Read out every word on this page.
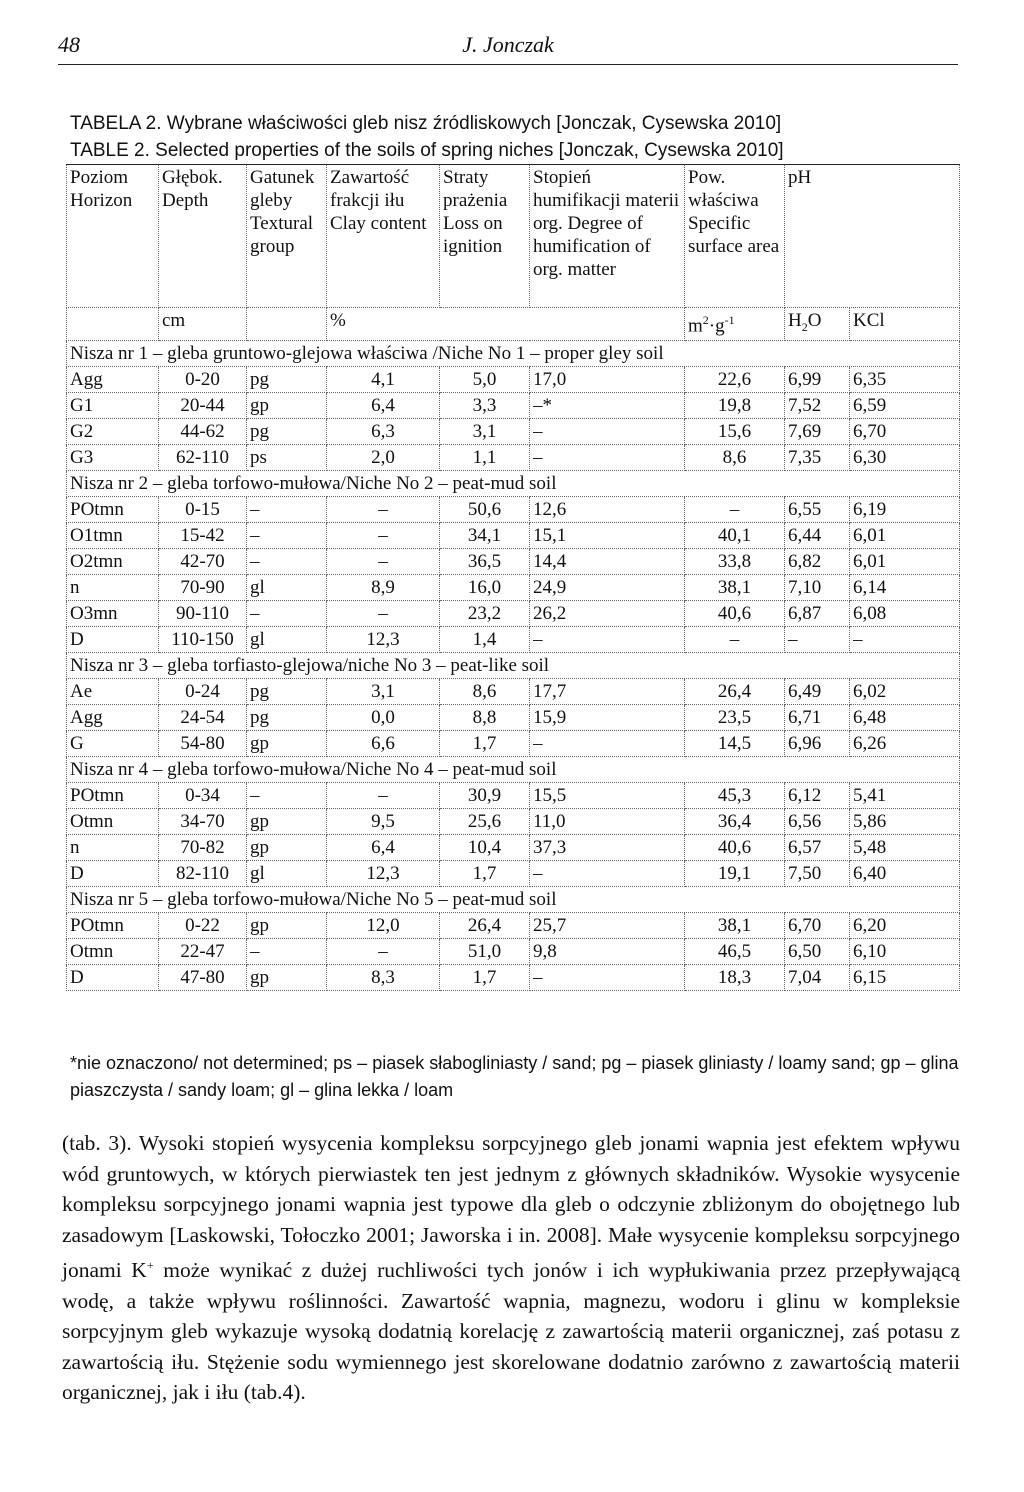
48	J. Jonczak
TABELA 2. Wybrane właściwości gleb nisz źródliskowych [Jonczak, Cysewska 2010]
TABLE 2. Selected properties of the soils of spring niches [Jonczak, Cysewska 2010]
Poziom Horizon	Głębok. Depth	Gatunek gleby Textural group	Zawartość frakcji iłu Clay content	Straty prażenia Loss on ignition	Stopień humifikacji materii org. Degree of humification of org. matter	Pow. właściwa Specific surface area	pH	
	cm		%			$m^2\cdot g^{-1}$	$H_2O$	KCl
Nisza nr 1 – gleba gruntowo-glejowa właściwa /Niche No 1 – proper gley soil								
Agg	0-20	pg	4,1	5,0	17,0	22,6	6,99	6,35
G1	20-44	gp	6,4	3,3	–*	19,8	7,52	6,59
G2	44-62	pg	6,3	3,1	–	15,6	7,69	6,70
G3	62-110	ps	2,0	1,1	–	8,6	7,35	6,30
Nisza nr 2 – gleba torfowo-mułowa/Niche No 2 – peat-mud soil								
POtmn	0-15	–	–	50,6	12,6	–	6,55	6,19
O1tmn	15-42	–	–	34,1	15,1	40,1	6,44	6,01
O2tmn	42-70	–	–	36,5	14,4	33,8	6,82	6,01
n	70-90	gl	8,9	16,0	24,9	38,1	7,10	6,14
O3mn	90-110	–	–	23,2	26,2	40,6	6,87	6,08
D	110-150	gl	12,3	1,4	–	–	–	–
Nisza nr 3 – gleba torfiasto-glejowa/niche No 3 – peat-like soil								
Ae	0-24	pg	3,1	8,6	17,7	26,4	6,49	6,02
Agg	24-54	pg	0,0	8,8	15,9	23,5	6,71	6,48
G	54-80	gp	6,6	1,7	–	14,5	6,96	6,26
Nisza nr 4 – gleba torfowo-mułowa/Niche No 4 – peat-mud soil								
POtmn	0-34	–	–	30,9	15,5	45,3	6,12	5,41
Otmn	34-70	gp	9,5	25,6	11,0	36,4	6,56	5,86
n	70-82	gp	6,4	10,4	37,3	40,6	6,57	5,48
D	82-110	gl	12,3	1,7	–	19,1	7,50	6,40
Nisza nr 5 – gleba torfowo-mułowa/Niche No 5 – peat-mud soil								
POtmn	0-22	gp	12,0	26,4	25,7	38,1	6,70	6,20
Otmn	22-47	–	–	51,0	9,8	46,5	6,50	6,10
D	47-80	gp	8,3	1,7	–	18,3	7,04	6,15
*nie oznaczono/ not determined; ps – piasek słabogliniasty / sand; pg – piasek gliniasty / loamy sand; gp – glina piaszczysta / sandy loam; gl – glina lekka / loam
(tab. 3). Wysoki stopień wysycenia kompleksu sorpcyjnego gleb jonami wapnia jest efektem wpływu wód gruntowych, w których pierwiastek ten jest jednym z głównych składników. Wysokie wysycenie kompleksu sorpcyjnego jonami wapnia jest typowe dla gleb o odczynie zbliżonym do obojętnego lub zasadowym [Laskowski, Tołoczko 2001; Jaworska i in. 2008]. Małe wysycenie kompleksu sorpcyjnego jonami K+ może wynikać z dużej ruchliwości tych jonów i ich wypłukiwania przez przepływającą wodę, a także wpływu roślinności. Zawartość wapnia, magnezu, wodoru i glinu w kompleksie sorpcyjnym gleb wykazuje wysoką dodatnią korelację z zawartością materii organicznej, zaś potasu z zawartością iłu. Stężenie sodu wymiennego jest skorelowane dodatnio zarówno z zawartością materii organicznej, jak i iłu (tab.4).
